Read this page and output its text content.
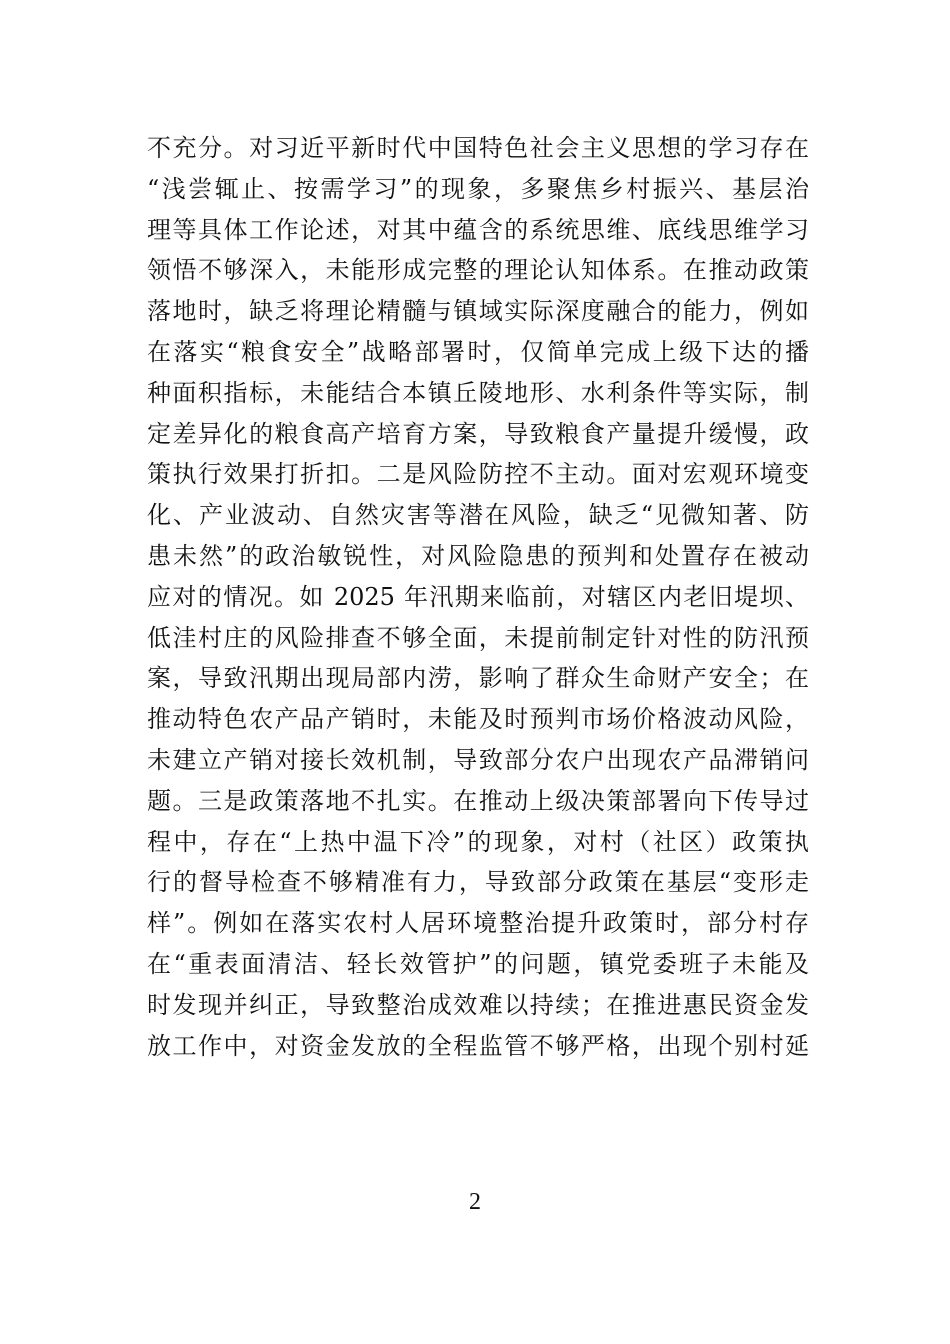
不充分。对习近平新时代中国特色社会主义思想的学习存在
“浅尝辄止、按需学习”的现象，多聚焦乡村振兴、基层治
理等具体工作论述，对其中蕴含的系统思维、底线思维学习
领悟不够深入，未能形成完整的理论认知体系。在推动政策
落地时，缺乏将理论精髓与镇域实际深度融合的能力，例如
在落实“粮食安全”战略部署时，仅简单完成上级下达的播
种面积指标，未能结合本镇丘陵地形、水利条件等实际，制
定差异化的粮食高产培育方案，导致粮食产量提升缓慢，政
策执行效果打折扣。二是风险防控不主动。面对宏观环境变
化、产业波动、自然灾害等潜在风险，缺乏“见微知著、防
患未然”的政治敏锐性，对风险隐患的预判和处置存在被动
应对的情况。如 2025 年汛期来临前，对辖区内老旧堤坝、
低洼村庄的风险排查不够全面，未提前制定针对性的防汛预
案，导致汛期出现局部内涝，影响了群众生命财产安全；在
推动特色农产品产销时，未能及时预判市场价格波动风险，
未建立产销对接长效机制，导致部分农户出现农产品滞销问
题。三是政策落地不扎实。在推动上级决策部署向下传导过
程中，存在“上热中温下冷”的现象，对村（社区）政策执
行的督导检查不够精准有力，导致部分政策在基层“变形走
样”。例如在落实农村人居环境整治提升政策时，部分村存
在“重表面清洁、轻长效管护”的问题，镇党委班子未能及
时发现并纠正，导致整治成效难以持续；在推进惠民资金发
放工作中，对资金发放的全程监管不够严格，出现个别村延
2
